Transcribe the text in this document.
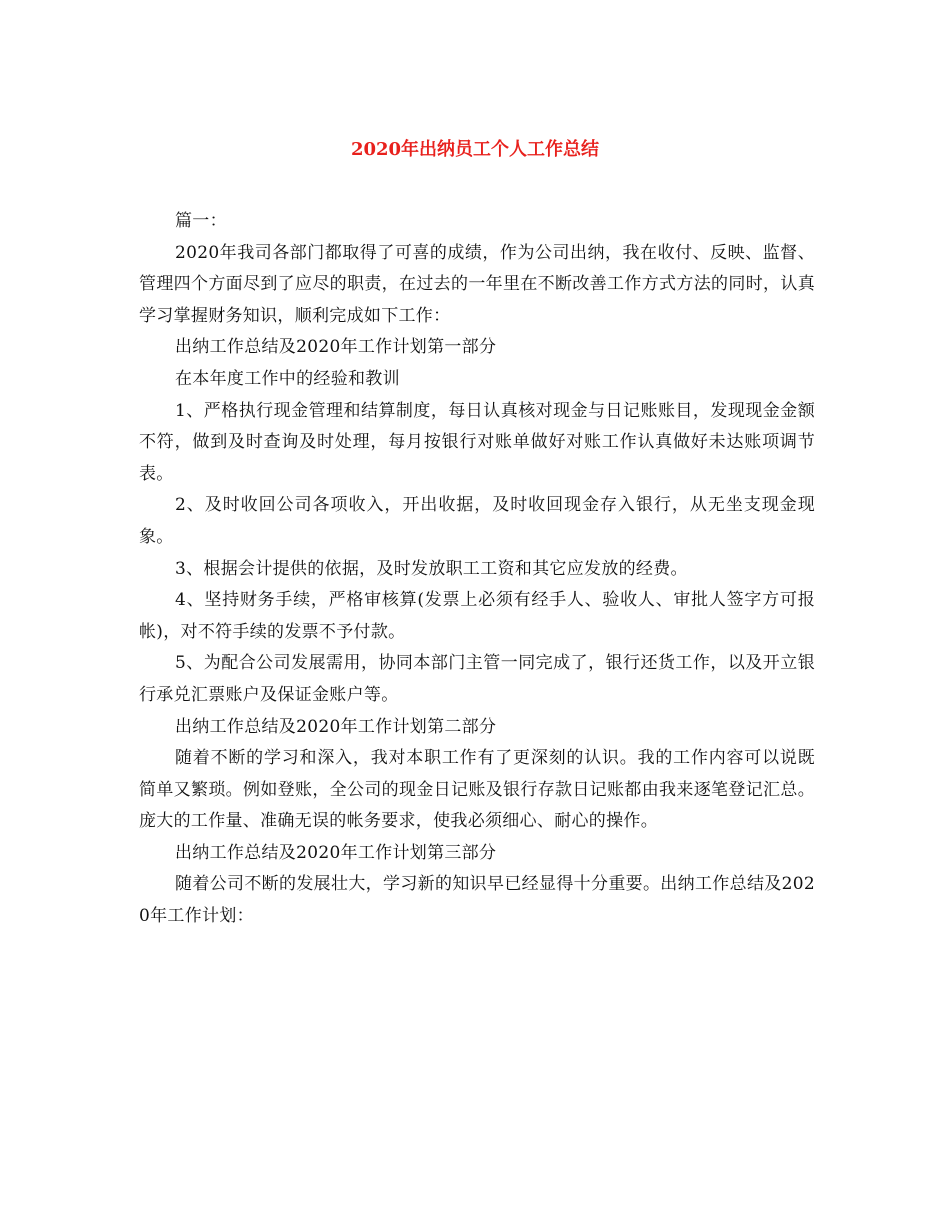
2020年出纳员工个人工作总结

篇一：

2020年我司各部门都取得了可喜的成绩，作为公司出纳，我在收付、反映、监督、管理四个方面尽到了应尽的职责，在过去的一年里在不断改善工作方式方法的同时，认真学习掌握财务知识，顺利完成如下工作：

出纳工作总结及2020年工作计划第一部分

在本年度工作中的经验和教训

1、严格执行现金管理和结算制度，每日认真核对现金与日记账账目，发现现金金额不符，做到及时查询及时处理，每月按银行对账单做好对账工作认真做好未达账项调节表。

2、及时收回公司各项收入，开出收据，及时收回现金存入银行，从无坐支现金现象。

3、根据会计提供的依据，及时发放职工工资和其它应发放的经费。

4、坚持财务手续，严格审核算(发票上必须有经手人、验收人、审批人签字方可报帐)，对不符手续的发票不予付款。

5、为配合公司发展需用，协同本部门主管一同完成了，银行还货工作，以及开立银行承兑汇票账户及保证金账户等。

出纳工作总结及2020年工作计划第二部分

随着不断的学习和深入，我对本职工作有了更深刻的认识。我的工作内容可以说既简单又繁琐。例如登账，全公司的现金日记账及银行存款日记账都由我来逐笔登记汇总。庞大的工作量、准确无误的帐务要求，使我必须细心、耐心的操作。

出纳工作总结及2020年工作计划第三部分

随着公司不断的发展壮大，学习新的知识早已经显得十分重要。出纳工作总结及2020年工作计划：
